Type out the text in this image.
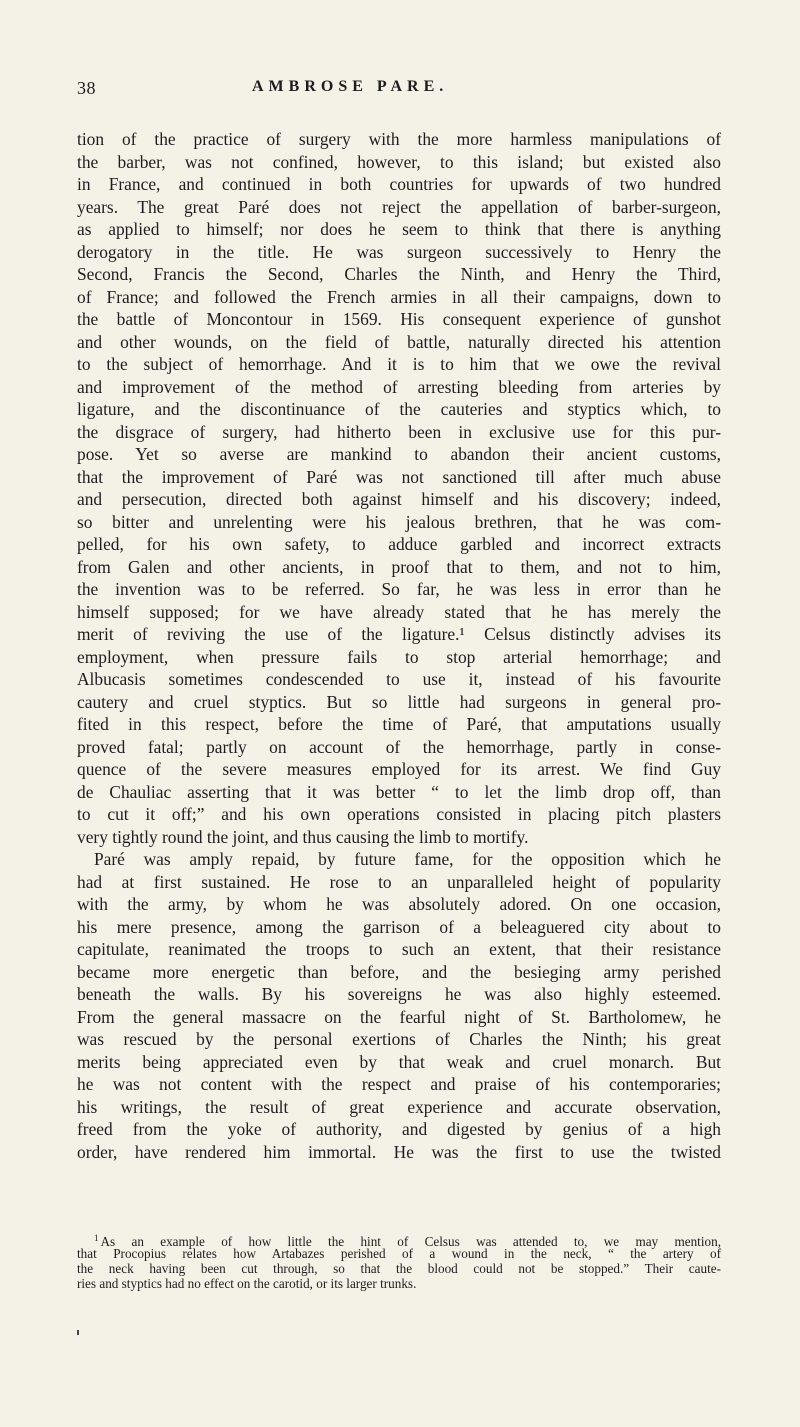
38	AMBROSE PARE.
tion of the practice of surgery with the more harmless manipulations of
the barber, was not confined, however, to this island; but existed also
in France, and continued in both countries for upwards of two hundred
years. The great Paré does not reject the appellation of barber-surgeon,
as applied to himself; nor does he seem to think that there is anything
derogatory in the title. He was surgeon successively to Henry the
Second, Francis the Second, Charles the Ninth, and Henry the Third,
of France; and followed the French armies in all their campaigns, down to
the battle of Moncontour in 1569. His consequent experience of gunshot
and other wounds, on the field of battle, naturally directed his attention
to the subject of hemorrhage. And it is to him that we owe the revival
and improvement of the method of arresting bleeding from arteries by
ligature, and the discontinuance of the cauteries and styptics which, to
the disgrace of surgery, had hitherto been in exclusive use for this pur-
pose. Yet so averse are mankind to abandon their ancient customs,
that the improvement of Paré was not sanctioned till after much abuse
and persecution, directed both against himself and his discovery; indeed,
so bitter and unrelenting were his jealous brethren, that he was com-
pelled, for his own safety, to adduce garbled and incorrect extracts
from Galen and other ancients, in proof that to them, and not to him,
the invention was to be referred. So far, he was less in error than he
himself supposed; for we have already stated that he has merely the
merit of reviving the use of the ligature.¹ Celsus distinctly advises its
employment, when pressure fails to stop arterial hemorrhage; and
Albucasis sometimes condescended to use it, instead of his favourite
cautery and cruel styptics. But so little had surgeons in general pro-
fited in this respect, before the time of Paré, that amputations usually
proved fatal; partly on account of the hemorrhage, partly in conse-
quence of the severe measures employed for its arrest. We find Guy
de Chauliac asserting that it was better “ to let the limb drop off, than
to cut it off;” and his own operations consisted in placing pitch plasters
very tightly round the joint, and thus causing the limb to mortify.
Paré was amply repaid, by future fame, for the opposition which he
had at first sustained. He rose to an unparalleled height of popularity
with the army, by whom he was absolutely adored. On one occasion,
his mere presence, among the garrison of a beleaguered city about to
capitulate, reanimated the troops to such an extent, that their resistance
became more energetic than before, and the besieging army perished
beneath the walls. By his sovereigns he was also highly esteemed.
From the general massacre on the fearful night of St. Bartholomew, he
was rescued by the personal exertions of Charles the Ninth; his great
merits being appreciated even by that weak and cruel monarch. But
he was not content with the respect and praise of his contemporaries;
his writings, the result of great experience and accurate observation,
freed from the yoke of authority, and digested by genius of a high
order, have rendered him immortal. He was the first to use the twisted
$^1$ As an example of how little the hint of Celsus was attended to, we may mention,
that Procopius relates how Artabazes perished of a wound in the neck, “ the artery of
the neck having been cut through, so that the blood could not be stopped.” Their caute-
ries and styptics had no effect on the carotid, or its larger trunks.
